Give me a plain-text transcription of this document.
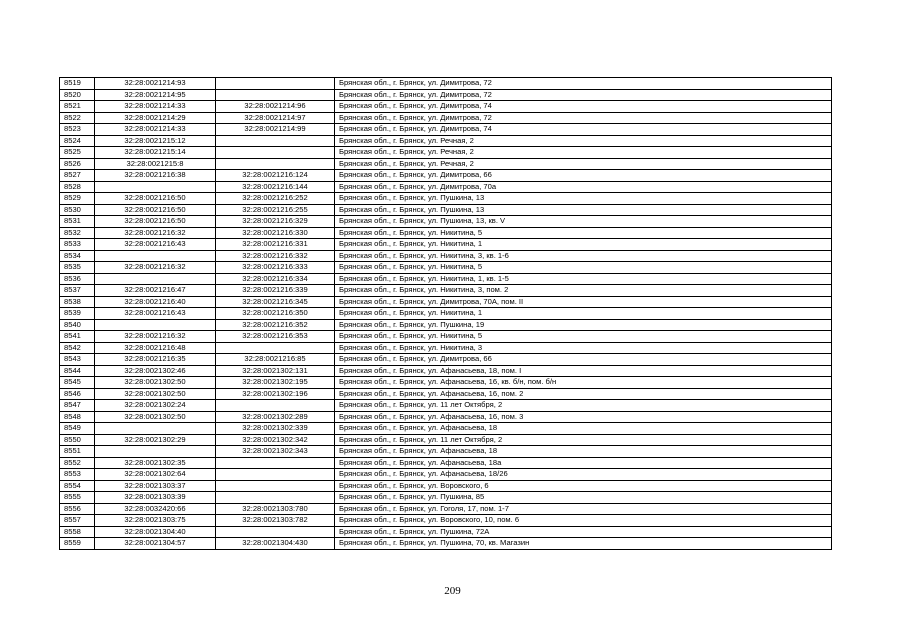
8519	32:28:0021214:93		Брянская обл., г. Брянск, ул. Димитрова, 72
8520	32:28:0021214:95		Брянская обл., г. Брянск, ул. Димитрова, 72
8521	32:28:0021214:33	32:28:0021214:96	Брянская обл., г. Брянск, ул. Димитрова, 74
8522	32:28:0021214:29	32:28:0021214:97	Брянская обл., г. Брянск, ул. Димитрова, 72
8523	32:28:0021214:33	32:28:0021214:99	Брянская обл., г. Брянск, ул. Димитрова, 74
8524	32:28:0021215:12		Брянская обл., г. Брянск, ул. Речная, 2
8525	32:28:0021215:14		Брянская обл., г. Брянск, ул. Речная, 2
8526	32:28:0021215:8		Брянская обл., г. Брянск, ул. Речная, 2
8527	32:28:0021216:38	32:28:0021216:124	Брянская обл., г. Брянск, ул. Димитрова, 66
8528		32:28:0021216:144	Брянская обл., г. Брянск, ул. Димитрова, 70а
8529	32:28:0021216:50	32:28:0021216:252	Брянская обл., г. Брянск, ул. Пушкина, 13
8530	32:28:0021216:50	32:28:0021216:255	Брянская обл., г. Брянск, ул. Пушкина, 13
8531	32:28:0021216:50	32:28:0021216:329	Брянская обл., г. Брянск, ул. Пушкина, 13, кв. V
8532	32:28:0021216:32	32:28:0021216:330	Брянская обл., г. Брянск, ул. Никитина, 5
8533	32:28:0021216:43	32:28:0021216:331	Брянская обл., г. Брянск, ул. Никитина, 1
8534		32:28:0021216:332	Брянская обл., г. Брянск, ул. Никитина, 3, кв. 1-6
8535	32:28:0021216:32	32:28:0021216:333	Брянская обл., г. Брянск, ул. Никитина, 5
8536		32:28:0021216:334	Брянская обл., г. Брянск, ул. Никитина, 1, кв. 1-5
8537	32:28:0021216:47	32:28:0021216:339	Брянская обл., г. Брянск, ул. Никитина, 3, пом. 2
8538	32:28:0021216:40	32:28:0021216:345	Брянская обл., г. Брянск, ул. Димитрова, 70А, пом. II
8539	32:28:0021216:43	32:28:0021216:350	Брянская обл., г. Брянск, ул. Никитина, 1
8540		32:28:0021216:352	Брянская обл., г. Брянск, ул. Пушкина, 19
8541	32:28:0021216:32	32:28:0021216:353	Брянская обл., г. Брянск, ул. Никитина, 5
8542	32:28:0021216:48		Брянская обл., г. Брянск, ул. Никитина, 3
8543	32:28:0021216:35	32:28:0021216:85	Брянская обл., г. Брянск, ул. Димитрова, 66
8544	32:28:0021302:46	32:28:0021302:131	Брянская обл., г. Брянск, ул. Афанасьева, 18, пом. I
8545	32:28:0021302:50	32:28:0021302:195	Брянская обл., г. Брянск, ул. Афанасьева, 16, кв. б/н, пом. б/н
8546	32:28:0021302:50	32:28:0021302:196	Брянская обл., г. Брянск, ул. Афанасьева, 16, пом. 2
8547	32:28:0021302:24		Брянская обл., г. Брянск, ул. 11 лет Октября, 2
8548	32:28:0021302:50	32:28:0021302:289	Брянская обл., г. Брянск, ул. Афанасьева, 16, пом. 3
8549		32:28:0021302:339	Брянская обл., г. Брянск, ул. Афанасьева, 18
8550	32:28:0021302:29	32:28:0021302:342	Брянская обл., г. Брянск, ул. 11 лет Октября, 2
8551		32:28:0021302:343	Брянская обл., г. Брянск, ул. Афанасьева, 18
8552	32:28:0021302:35		Брянская обл., г. Брянск, ул. Афанасьева, 18а
8553	32:28:0021302:64		Брянская обл., г. Брянск, ул. Афанасьева, 18/26
8554	32:28:0021303:37		Брянская обл., г. Брянск, ул. Воровского, 6
8555	32:28:0021303:39		Брянская обл., г. Брянск, ул. Пушкина, 85
8556	32:28:0032420:66	32:28:0021303:780	Брянская обл., г. Брянск, ул. Гоголя, 17, пом. 1-7
8557	32:28:0021303:75	32:28:0021303:782	Брянская обл., г. Брянск, ул. Воровского, 10, пом. 6
8558	32:28:0021304:40		Брянская обл., г. Брянск, ул. Пушкина, 72А
8559	32:28:0021304:57	32:28:0021304:430	Брянская обл., г. Брянск, ул. Пушкина, 70, кв. Магазин
209
